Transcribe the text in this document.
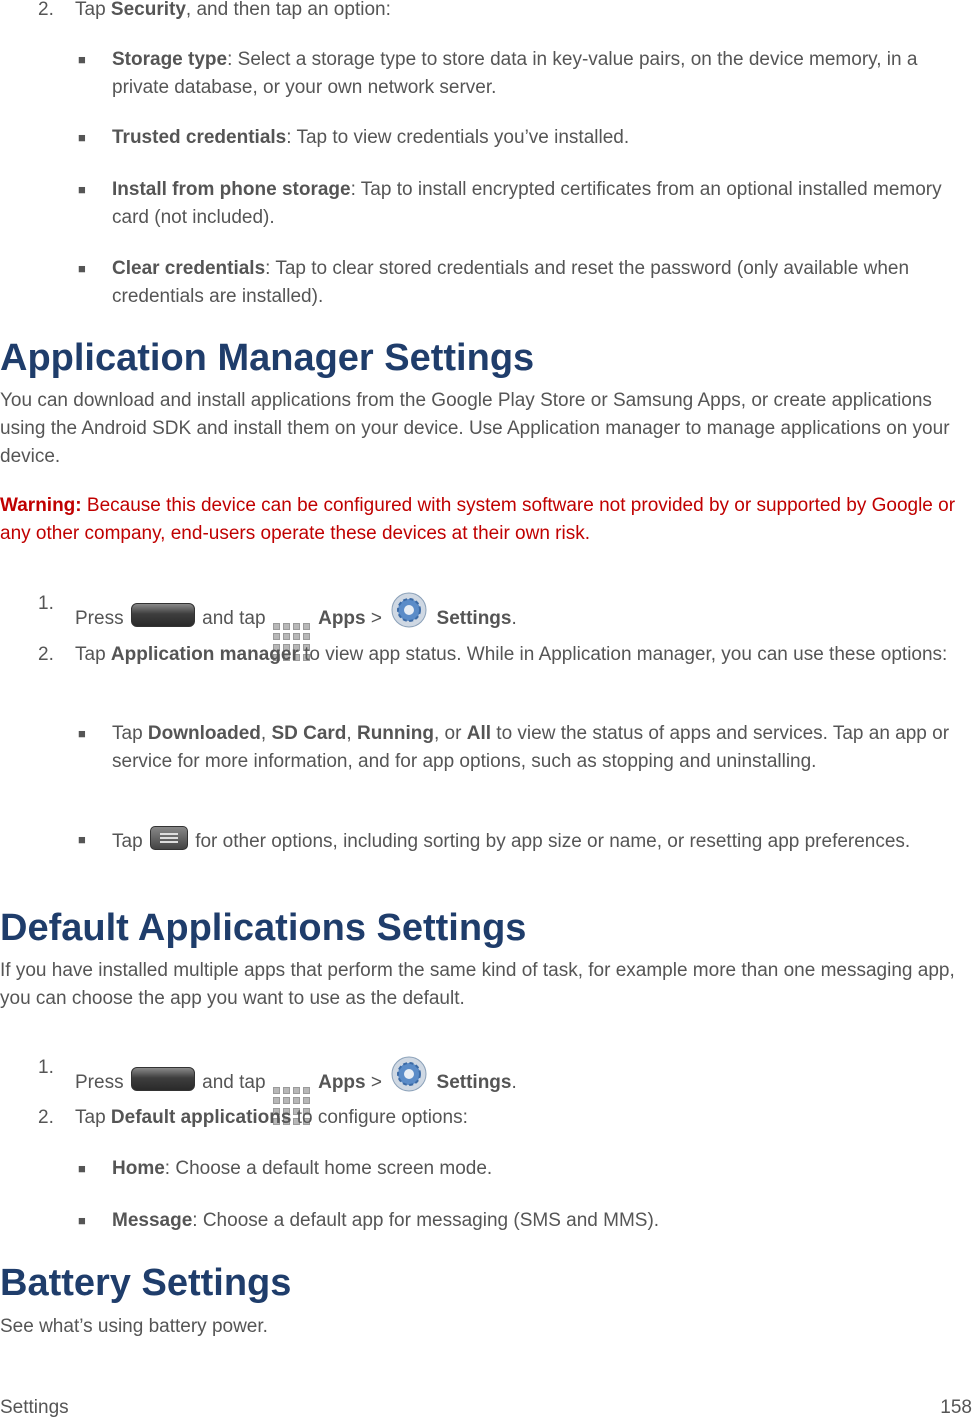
2. Tap Security, and then tap an option:
■ Storage type: Select a storage type to store data in key-value pairs, on the device memory, in a private database, or your own network server.
■ Trusted credentials: Tap to view credentials you’ve installed.
■ Install from phone storage: Tap to install encrypted certificates from an optional installed memory card (not included).
■ Clear credentials: Tap to clear stored credentials and reset the password (only available when credentials are installed).
Application Manager Settings
You can download and install applications from the Google Play Store or Samsung Apps, or create applications using the Android SDK and install them on your device. Use Application manager to manage applications on your device.
Warning: Because this device can be configured with system software not provided by or supported by Google or any other company, end-users operate these devices at their own risk.
1.
Press	and tap
Apps >	Settings.
2. Tap Application manager to view app status. While in Application manager, you can use these options:
■ Tap Downloaded, SD Card, Running, or All to view the status of apps and services. Tap an app or service for more information, and for app options, such as stopping and uninstalling.
■ Tap  for other options, including sorting by app size or name, or resetting app preferences.
Default Applications Settings
If you have installed multiple apps that perform the same kind of task, for example more than one messaging app, you can choose the app you want to use as the default.
1.
Press	and tap
Apps >	Settings.
2. Tap Default applications to configure options:
■ Home: Choose a default home screen mode.
■ Message: Choose a default app for messaging (SMS and MMS).
Battery Settings
See what’s using battery power.
Settings	158
